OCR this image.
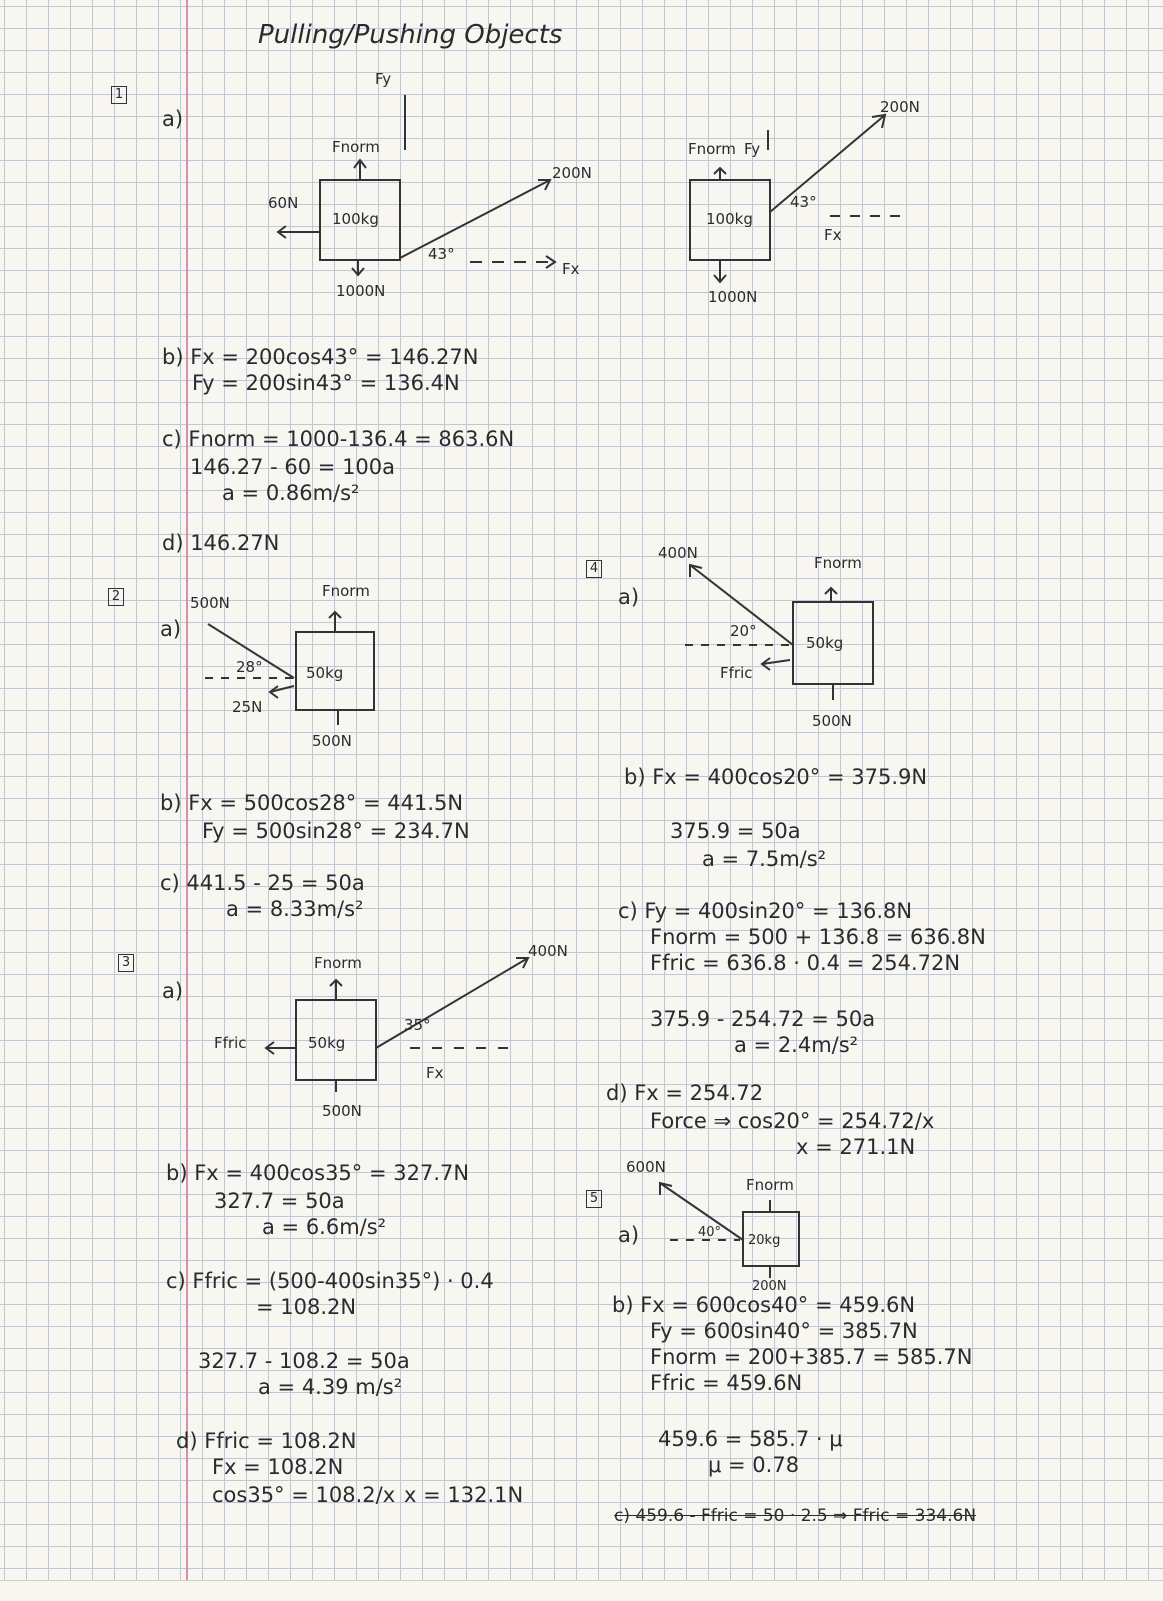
Pulling/Pushing Objects
1
a)
Fy
Fnorm
60N
100kg
1000N
200N
43°
Fx
Fnorm Fy
100kg
1000N
200N
43°
Fx
b) Fx = 200cos43° = 146.27N
Fy = 200sin43° = 136.4N
c) Fnorm = 1000-136.4 = 863.6N
146.27 - 60 = 100a
a = 0.86m/s²
d) 146.27N
2
a)
500N
Fnorm
28°	50kg
25N
500N
b) Fx = 500cos28° = 441.5N
Fy = 500sin28° = 234.7N
c) 441.5 - 25 = 50a
a = 8.33m/s²
3
a)
Fnorm
Ffric	50kg
35°
Fx
500N
400N
b) Fx = 400cos35° = 327.7N
327.7 = 50a
a = 6.6m/s²
c) Ffric = (500-400sin35°) · 0.4
= 108.2N
327.7 - 108.2 = 50a
a = 4.39 m/s²
d) Ffric = 108.2N
Fx = 108.2N
cos35° = 108.2/x x = 132.1N
4
a)
400N
Fnorm
20°
50kg
Ffric
500N
b) Fx = 400cos20° = 375.9N
375.9 = 50a
a = 7.5m/s²
c) Fy = 400sin20° = 136.8N
Fnorm = 500 + 136.8 = 636.8N
Ffric = 636.8 · 0.4 = 254.72N
375.9 - 254.72 = 50a
a = 2.4m/s²
d) Fx = 254.72
Force ⇒ cos20° = 254.72/x
x = 271.1N
5
a)
600N
40°
Fnorm
20kg
200N
b) Fx = 600cos40° = 459.6N
Fy = 600sin40° = 385.7N
Fnorm = 200+385.7 = 585.7N
Ffric = 459.6N
459.6 = 585.7 · μ
μ = 0.78
c) 459.6 - Ffric = 50 · 2.5 ⇒ Ffric = 334.6N
